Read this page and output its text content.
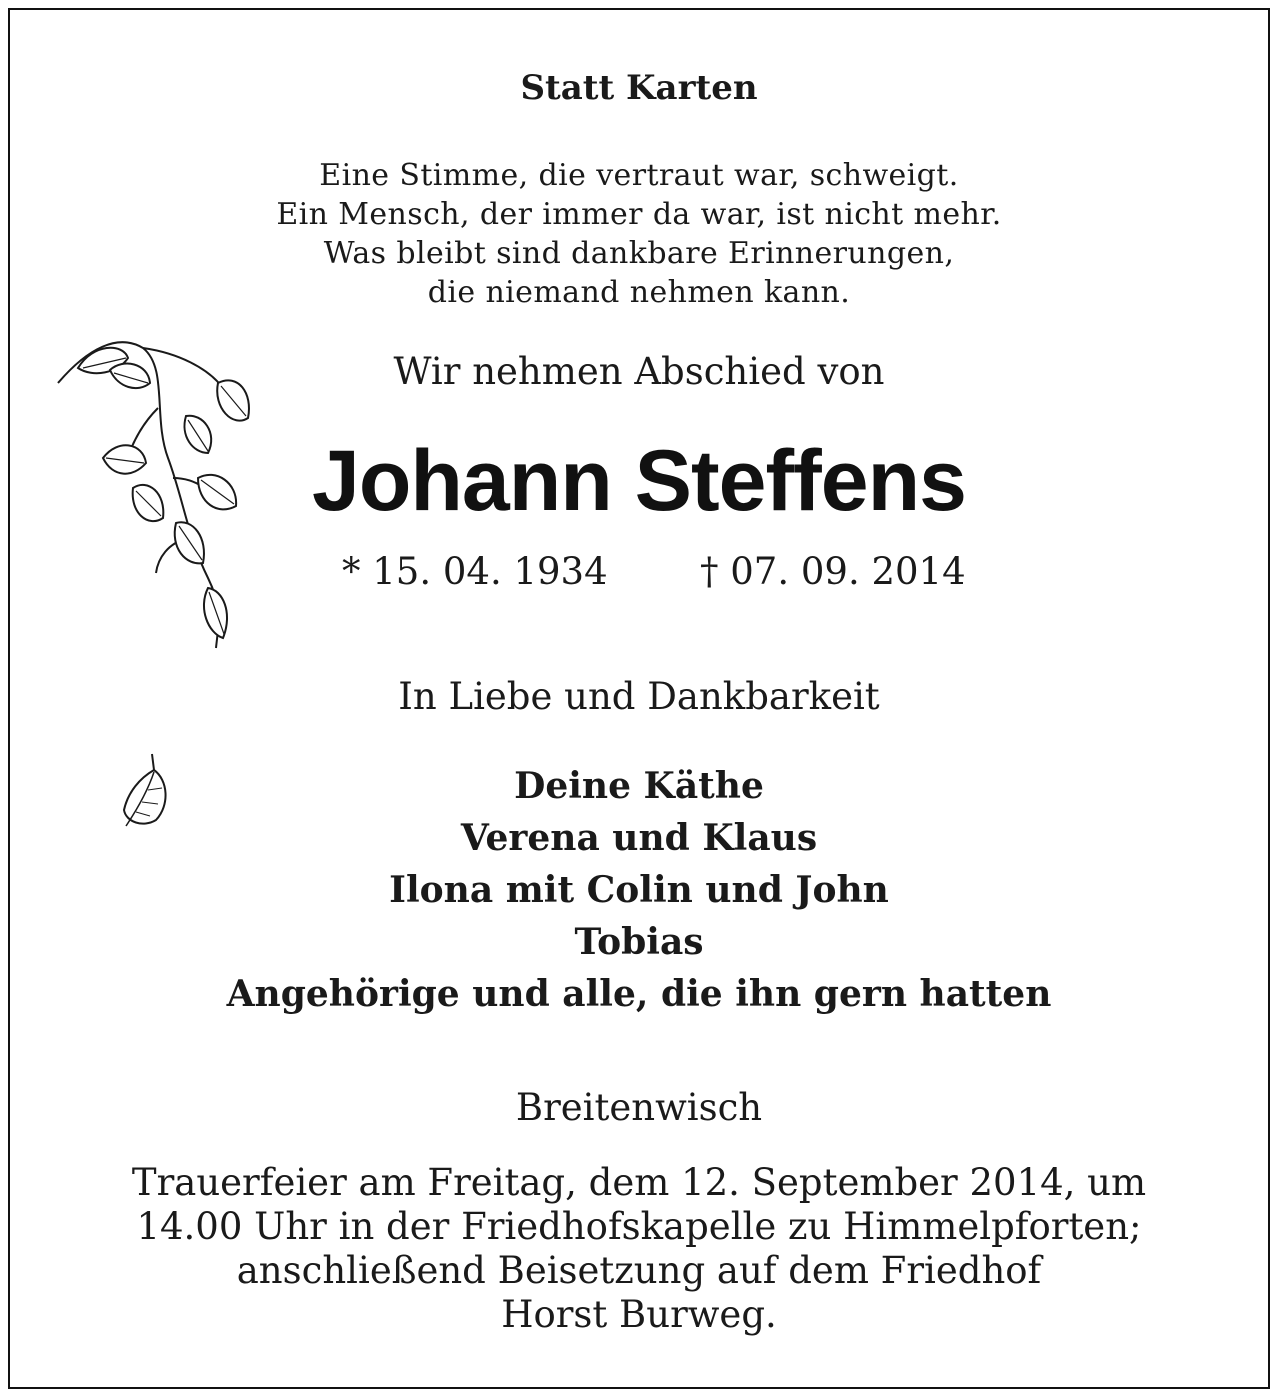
Statt Karten
Eine Stimme, die vertraut war, schweigt.
Ein Mensch, der immer da war, ist nicht mehr.
Was bleibt sind dankbare Erinnerungen,
die niemand nehmen kann.
Wir nehmen Abschied von
Johann Steffens
* 15. 04. 1934 † 07. 09. 2014
In Liebe und Dankbarkeit
Deine Käthe
Verena und Klaus
Ilona mit Colin und John
Tobias
Angehörige und alle, die ihn gern hatten
Breitenwisch
Trauerfeier am Freitag, dem 12. September 2014, um
14.00 Uhr in der Friedhofskapelle zu Himmelpforten;
anschließend Beisetzung auf dem Friedhof
Horst Burweg.
